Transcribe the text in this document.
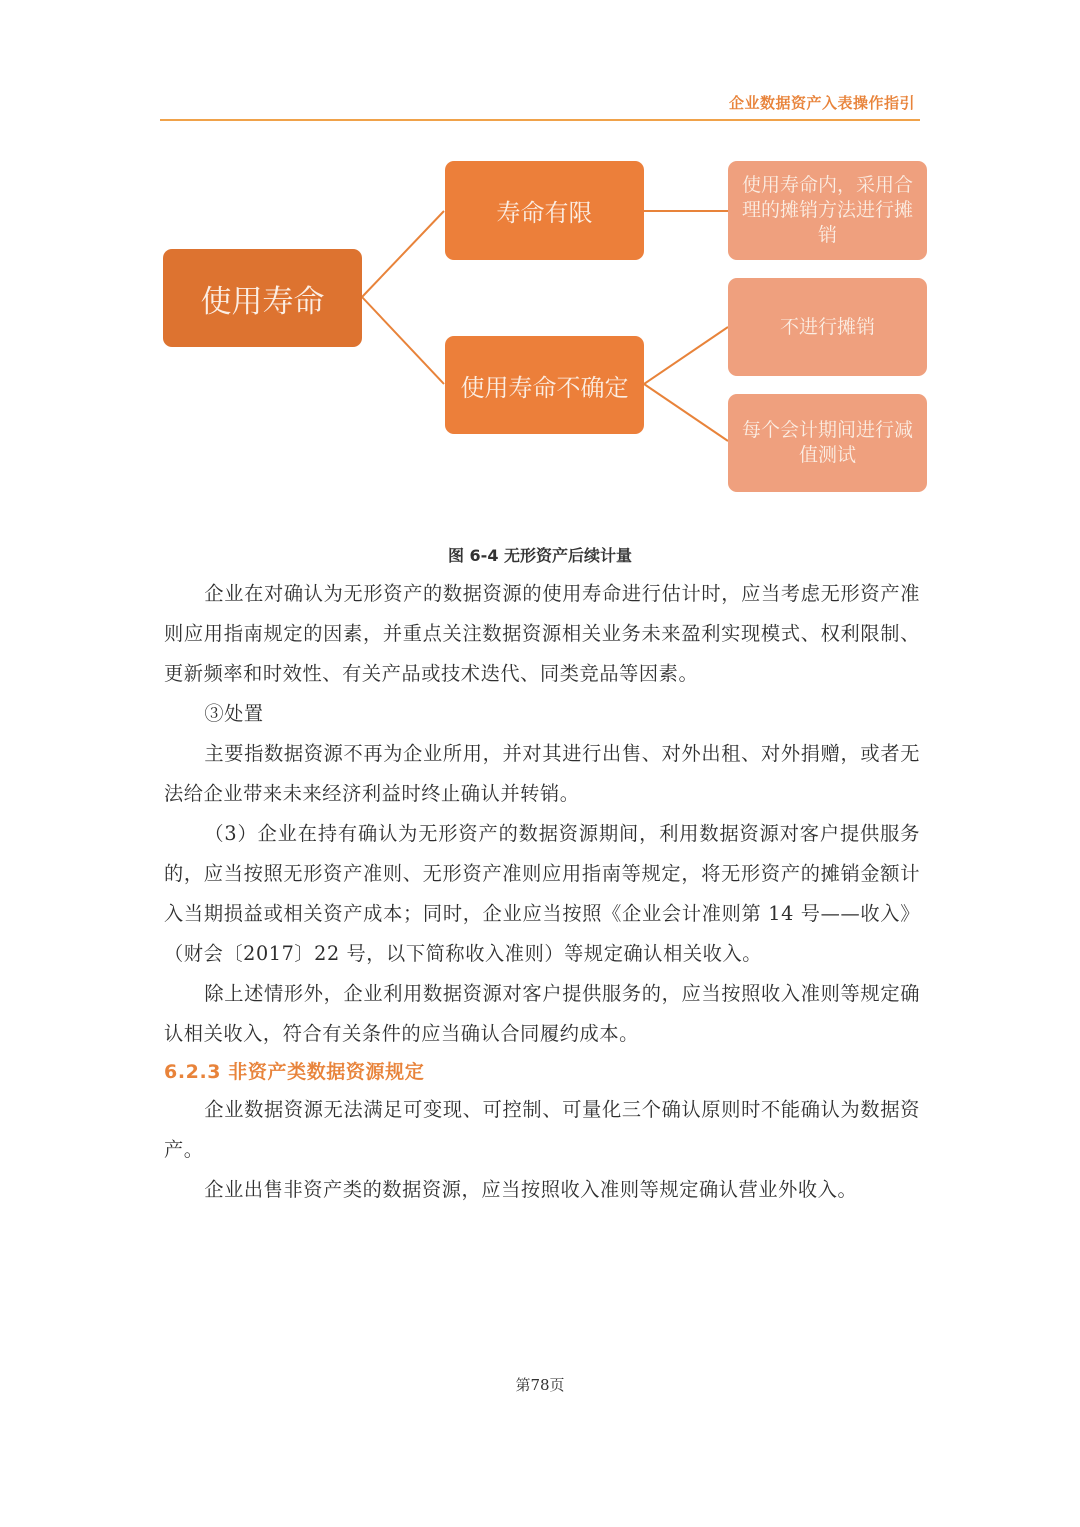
企业数据资产入表操作指引
使用寿命
寿命有限
使用寿命不确定
使用寿命内，采用合理的摊销方法进行摊销
不进行摊销
每个会计期间进行减值测试
图 6-4 无形资产后续计量

企业在对确认为无形资产的数据资源的使用寿命进行估计时，应当考虑无形资产准则应用指南规定的因素，并重点关注数据资源相关业务未来盈利实现模式、权利限制、更新频率和时效性、有关产品或技术迭代、同类竞品等因素。

③处置

主要指数据资源不再为企业所用，并对其进行出售、对外出租、对外捐赠，或者无法给企业带来未来经济利益时终止确认并转销。

（3）企业在持有确认为无形资产的数据资源期间，利用数据资源对客户提供服务的，应当按照无形资产准则、无形资产准则应用指南等规定，将无形资产的摊销金额计入当期损益或相关资产成本；同时，企业应当按照《企业会计准则第 14 号——收入》（财会〔2017〕22 号，以下简称收入准则）等规定确认相关收入。

除上述情形外，企业利用数据资源对客户提供服务的，应当按照收入准则等规定确认相关收入，符合有关条件的应当确认合同履约成本。

6.2.3 非资产类数据资源规定

企业数据资源无法满足可变现、可控制、可量化三个确认原则时不能确认为数据资产。

企业出售非资产类的数据资源，应当按照收入准则等规定确认营业外收入。

第78页
